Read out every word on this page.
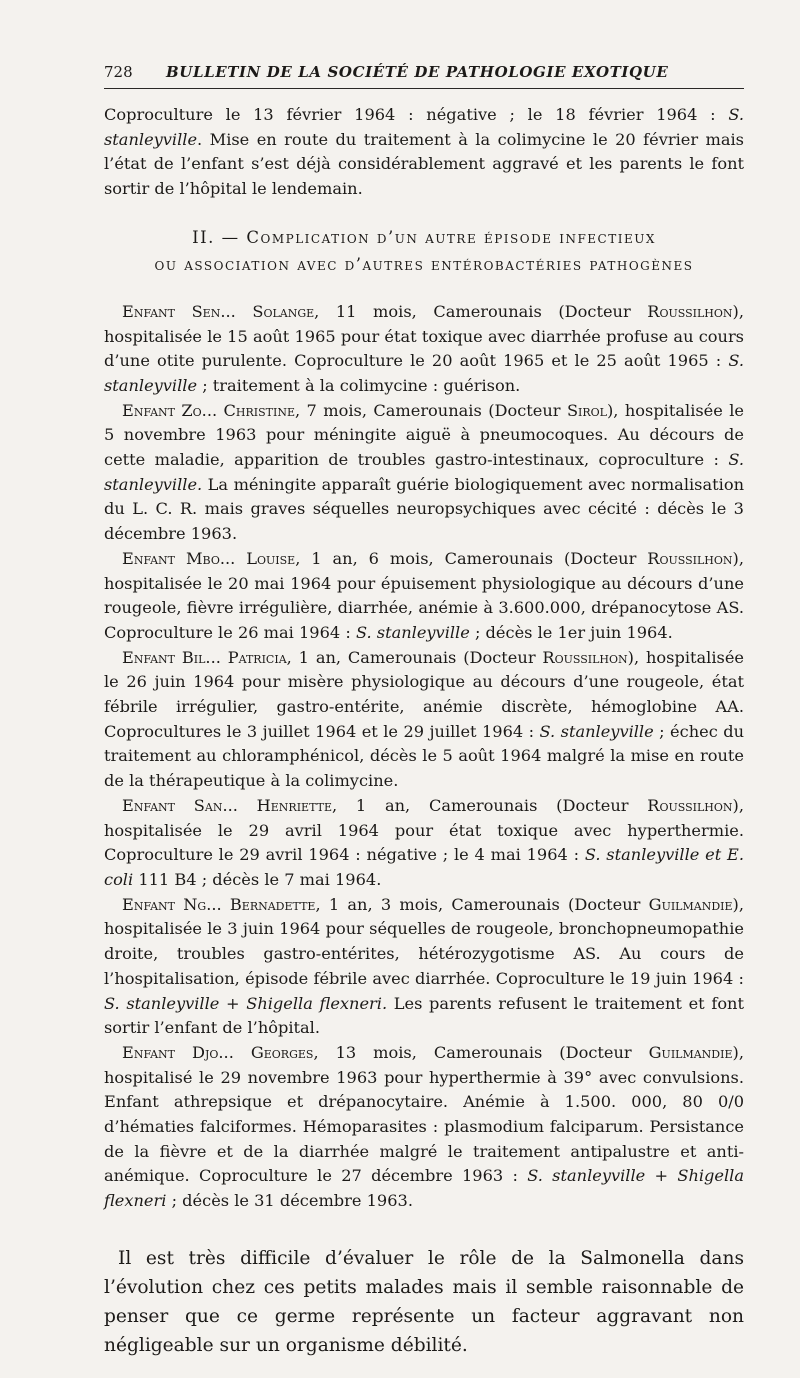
728	BULLETIN DE LA SOCIÉTÉ DE PATHOLOGIE EXOTIQUE

Coproculture le 13 février 1964 : négative ; le 18 février 1964 : S. stanleyville. Mise en route du traitement à la colimycine le 20 février mais l’état de l’enfant s’est déjà considérablement aggravé et les parents le font sortir de l’hôpital le lendemain.

II. — Complication d’un autre épisode infectieux
ou association avec d’autres entérobactéries pathogènes

Enfant Sen... Solange, 11 mois, Camerounais (Docteur Roussilhon), hospitalisée le 15 août 1965 pour état toxique avec diarrhée profuse au cours d’une otite purulente. Coproculture le 20 août 1965 et le 25 août 1965 : S. stanleyville ; traitement à la colimycine : guérison.

Enfant Zo... Christine, 7 mois, Camerounais (Docteur Sirol), hospitalisée le 5 novembre 1963 pour méningite aiguë à pneumocoques. Au décours de cette maladie, apparition de troubles gastro-intestinaux, coproculture : S. stanleyville. La méningite apparaît guérie biologiquement avec normalisation du L. C. R. mais graves séquelles neuropsychiques avec cécité : décès le 3 décembre 1963.

Enfant Mbo... Louise, 1 an, 6 mois, Camerounais (Docteur Roussilhon), hospitalisée le 20 mai 1964 pour épuisement physiologique au décours d’une rougeole, fièvre irrégulière, diarrhée, anémie à 3.600.000, drépanocytose AS. Coproculture le 26 mai 1964 : S. stanleyville ; décès le 1er juin 1964.

Enfant Bil... Patricia, 1 an, Camerounais (Docteur Roussilhon), hospitalisée le 26 juin 1964 pour misère physiologique au décours d’une rougeole, état fébrile irrégulier, gastro-entérite, anémie discrète, hémoglobine AA. Coprocultures le 3 juillet 1964 et le 29 juillet 1964 : S. stanleyville ; échec du traitement au chloramphénicol, décès le 5 août 1964 malgré la mise en route de la thérapeutique à la colimycine.

Enfant San... Henriette, 1 an, Camerounais (Docteur Roussilhon), hospitalisée le 29 avril 1964 pour état toxique avec hyperthermie. Coproculture le 29 avril 1964 : négative ; le 4 mai 1964 : S. stanleyville et E. coli 111 B4 ; décès le 7 mai 1964.

Enfant Ng... Bernadette, 1 an, 3 mois, Camerounais (Docteur Guilmandie), hospitalisée le 3 juin 1964 pour séquelles de rougeole, bronchopneumopathie droite, troubles gastro-entérites, hétérozygotisme AS. Au cours de l’hospitalisation, épisode fébrile avec diarrhée. Coproculture le 19 juin 1964 : S. stanleyville + Shigella flexneri. Les parents refusent le traitement et font sortir l’enfant de l’hôpital.

Enfant Djo... Georges, 13 mois, Camerounais (Docteur Guilmandie), hospitalisé le 29 novembre 1963 pour hyperthermie à 39° avec convulsions. Enfant athrepsique et drépanocytaire. Anémie à 1.500. 000, 80 0/0 d’hématies falciformes. Hémoparasites : plasmodium falciparum. Persistance de la fièvre et de la diarrhée malgré le traitement antipalustre et anti-anémique. Coproculture le 27 décembre 1963 : S. stanleyville + Shigella flexneri ; décès le 31 décembre 1963.

Il est très difficile d’évaluer le rôle de la Salmonella dans l’évolution chez ces petits malades mais il semble raisonnable de penser que ce germe représente un facteur aggravant non négligeable sur un organisme débilité.
